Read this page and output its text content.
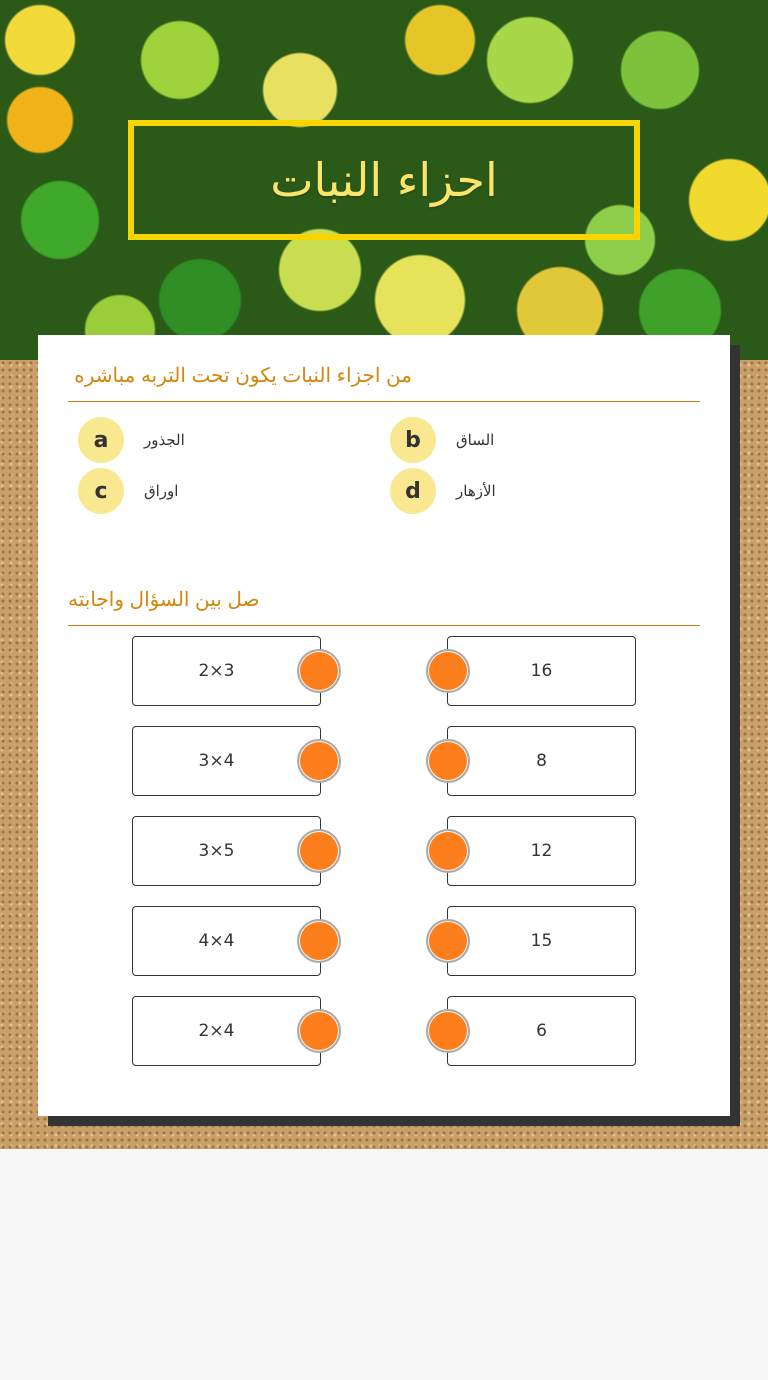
احزاء النبات
من اجزاء النبات يكون تحت التربه مباشره
a	الجذور	b	الساق
c	اوراق	d	الأزهار
صل بين السؤال واجابته
2×3	16
3×4	8
3×5	12
4×4	15
2×4	6
